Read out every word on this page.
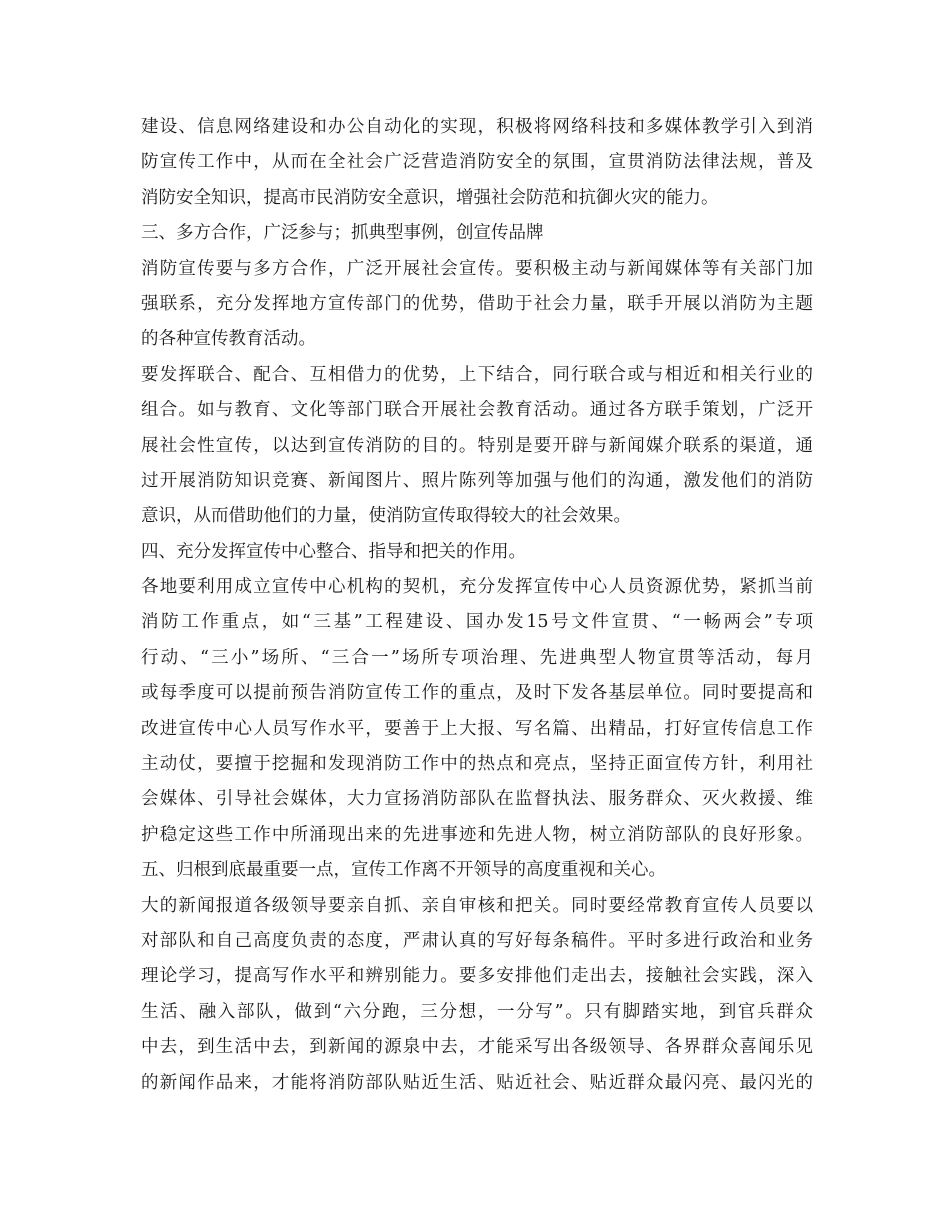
建设、信息网络建设和办公自动化的实现，积极将网络科技和多媒体教学引入到消
防宣传工作中，从而在全社会广泛营造消防安全的氛围，宣贯消防法律法规，普及
消防安全知识，提高市民消防安全意识，增强社会防范和抗御火灾的能力。
三、多方合作，广泛参与；抓典型事例，创宣传品牌
消防宣传要与多方合作，广泛开展社会宣传。要积极主动与新闻媒体等有关部门加
强联系，充分发挥地方宣传部门的优势，借助于社会力量，联手开展以消防为主题
的各种宣传教育活动。
要发挥联合、配合、互相借力的优势，上下结合，同行联合或与相近和相关行业的
组合。如与教育、文化等部门联合开展社会教育活动。通过各方联手策划，广泛开
展社会性宣传，以达到宣传消防的目的。特别是要开辟与新闻媒介联系的渠道，通
过开展消防知识竞赛、新闻图片、照片陈列等加强与他们的沟通，激发他们的消防
意识，从而借助他们的力量，使消防宣传取得较大的社会效果。
四、充分发挥宣传中心整合、指导和把关的作用。
各地要利用成立宣传中心机构的契机，充分发挥宣传中心人员资源优势，紧抓当前
消防工作重点，如“三基”工程建设、国办发15号文件宣贯、“一畅两会”专项
行动、“三小”场所、“三合一”场所专项治理、先进典型人物宣贯等活动，每月
或每季度可以提前预告消防宣传工作的重点，及时下发各基层单位。同时要提高和
改进宣传中心人员写作水平，要善于上大报、写名篇、出精品，打好宣传信息工作
主动仗，要擅于挖掘和发现消防工作中的热点和亮点，坚持正面宣传方针，利用社
会媒体、引导社会媒体，大力宣扬消防部队在监督执法、服务群众、灭火救援、维
护稳定这些工作中所涌现出来的先进事迹和先进人物，树立消防部队的良好形象。
五、归根到底最重要一点，宣传工作离不开领导的高度重视和关心。
大的新闻报道各级领导要亲自抓、亲自审核和把关。同时要经常教育宣传人员要以
对部队和自己高度负责的态度，严肃认真的写好每条稿件。平时多进行政治和业务
理论学习，提高写作水平和辨别能力。要多安排他们走出去，接触社会实践，深入
生活、融入部队，做到“六分跑，三分想，一分写”。只有脚踏实地，到官兵群众
中去，到生活中去，到新闻的源泉中去，才能采写出各级领导、各界群众喜闻乐见
的新闻作品来，才能将消防部队贴近生活、贴近社会、贴近群众最闪亮、最闪光的
